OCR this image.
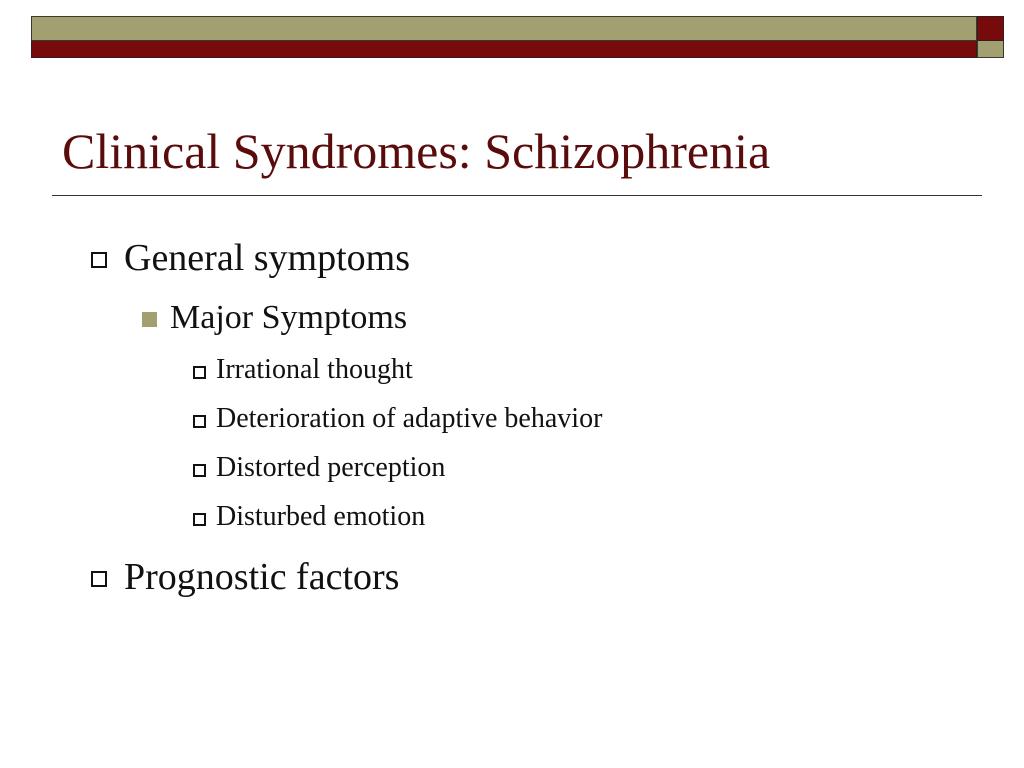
Clinical Syndromes: Schizophrenia
General symptoms
Major Symptoms
Irrational thought
Deterioration of adaptive behavior
Distorted perception
Disturbed emotion
Prognostic factors
